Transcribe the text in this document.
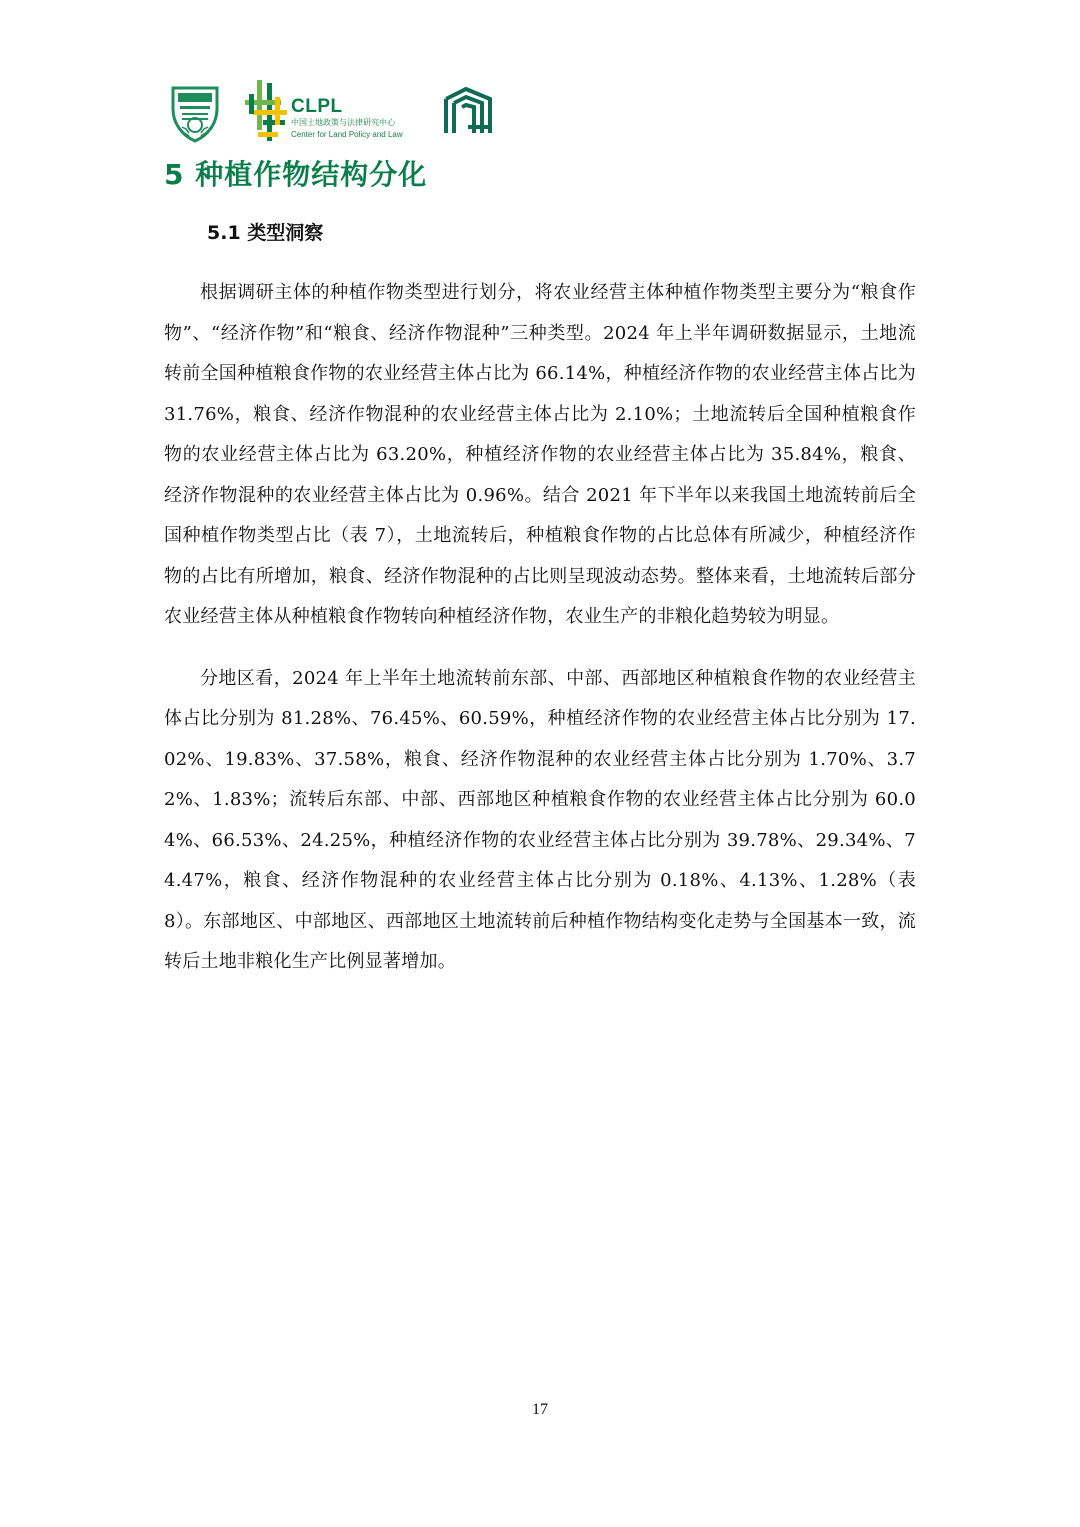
CLPL
中国土地政策与法律研究中心
Center for Land Policy and Law
5 种植作物结构分化
5.1 类型洞察

根据调研主体的种植作物类型进行划分，将农业经营主体种植作物类型主要分为“粮食作物”、“经济作物”和“粮食、经济作物混种”三种类型。2024 年上半年调研数据显示，土地流转前全国种植粮食作物的农业经营主体占比为 66.14%，种植经济作物的农业经营主体占比为 31.76%，粮食、经济作物混种的农业经营主体占比为 2.10%；土地流转后全国种植粮食作物的农业经营主体占比为 63.20%，种植经济作物的农业经营主体占比为 35.84%，粮食、经济作物混种的农业经营主体占比为 0.96%。结合 2021 年下半年以来我国土地流转前后全国种植作物类型占比（表 7），土地流转后，种植粮食作物的占比总体有所减少，种植经济作物的占比有所增加，粮食、经济作物混种的占比则呈现波动态势。整体来看，土地流转后部分农业经营主体从种植粮食作物转向种植经济作物，农业生产的非粮化趋势较为明显。

分地区看，2024 年上半年土地流转前东部、中部、西部地区种植粮食作物的农业经营主体占比分别为 81.28%、76.45%、60.59%，种植经济作物的农业经营主体占比分别为 17.02%、19.83%、37.58%，粮食、经济作物混种的农业经营主体占比分别为 1.70%、3.72%、1.83%；流转后东部、中部、西部地区种植粮食作物的农业经营主体占比分别为 60.04%、66.53%、24.25%，种植经济作物的农业经营主体占比分别为 39.78%、29.34%、74.47%，粮食、经济作物混种的农业经营主体占比分别为 0.18%、4.13%、1.28%（表 8）。东部地区、中部地区、西部地区土地流转前后种植作物结构变化走势与全国基本一致，流转后土地非粮化生产比例显著增加。

17
